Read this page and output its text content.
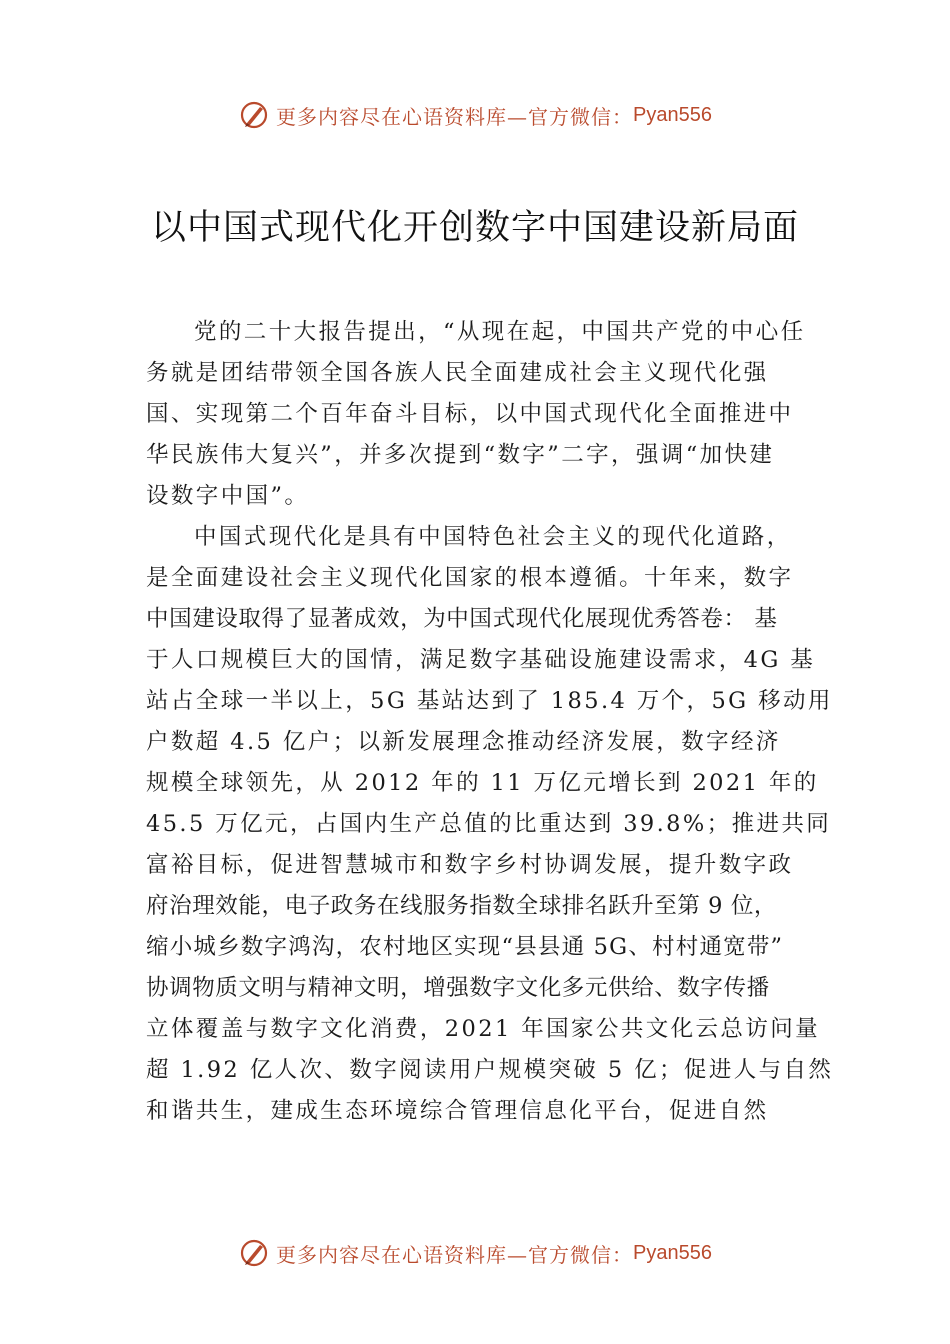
更多内容尽在心语资料库—官方微信： Pyan556
以中国式现代化开创数字中国建设新局面
党的二十大报告提出，“从现在起，中国共产党的中心任
务就是团结带领全国各族人民全面建成社会主义现代化强
国、实现第二个百年奋斗目标，以中国式现代化全面推进中
华民族伟大复兴”，并多次提到“数字”二字，强调“加快建
设数字中国”。
中国式现代化是具有中国特色社会主义的现代化道路，
是全面建设社会主义现代化国家的根本遵循。十年来，数字
中国建设取得了显著成效，为中国式现代化展现优秀答卷： 基
于人口规模巨大的国情，满足数字基础设施建设需求，4G 基
站占全球一半以上，5G 基站达到了 185.4 万个，5G 移动用
户数超 4.5 亿户；以新发展理念推动经济发展，数字经济
规模全球领先，从 2012 年的 11 万亿元增长到 2021 年的
45.5 万亿元，占国内生产总值的比重达到 39.8%；推进共同
富裕目标，促进智慧城市和数字乡村协调发展，提升数字政
府治理效能，电子政务在线服务指数全球排名跃升至第 9 位，
缩小城乡数字鸿沟，农村地区实现“县县通 5G、村村通宽带”
协调物质文明与精神文明，增强数字文化多元供给、数字传播
立体覆盖与数字文化消费，2021 年国家公共文化云总访问量
超 1.92 亿人次、数字阅读用户规模突破 5 亿；促进人与自然
和谐共生，建成生态环境综合管理信息化平台，促进自然
更多内容尽在心语资料库—官方微信： Pyan556
